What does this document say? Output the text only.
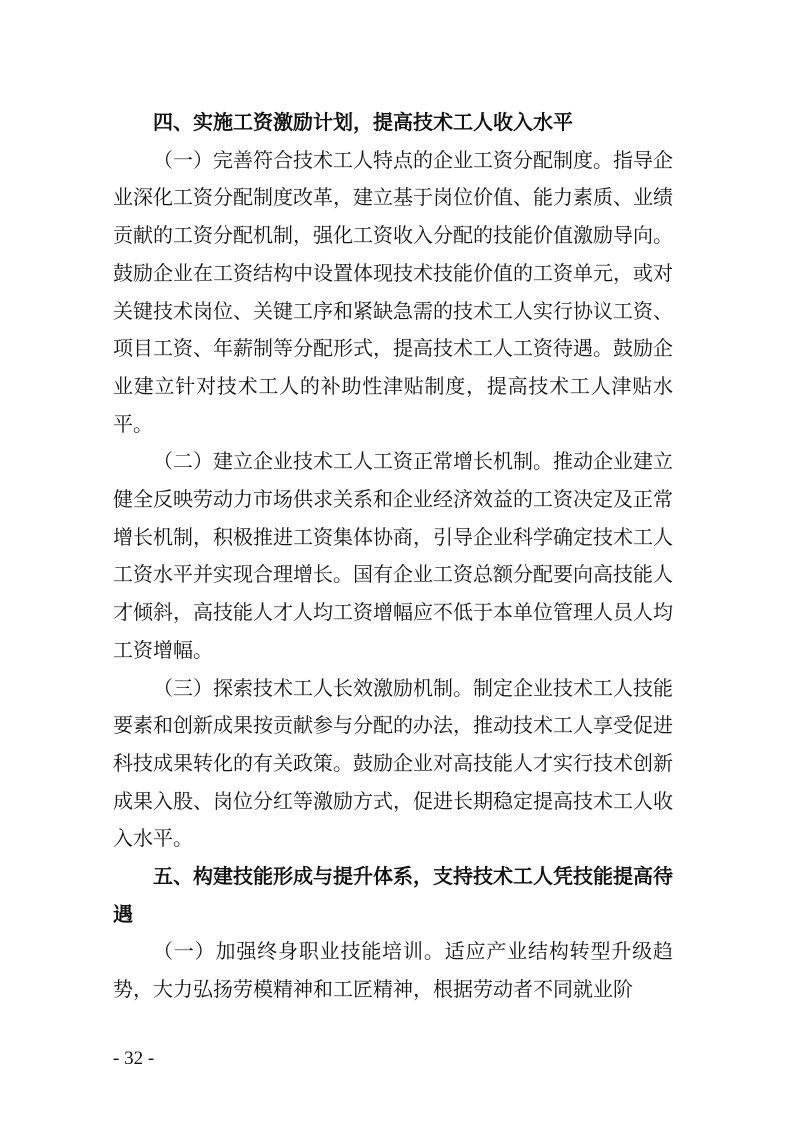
四、实施工资激励计划，提高技术工人收入水平

（一）完善符合技术工人特点的企业工资分配制度。指导企业深化工资分配制度改革，建立基于岗位价值、能力素质、业绩贡献的工资分配机制，强化工资收入分配的技能价值激励导向。鼓励企业在工资结构中设置体现技术技能价值的工资单元，或对关键技术岗位、关键工序和紧缺急需的技术工人实行协议工资、项目工资、年薪制等分配形式，提高技术工人工资待遇。鼓励企业建立针对技术工人的补助性津贴制度，提高技术工人津贴水平。

（二）建立企业技术工人工资正常增长机制。推动企业建立健全反映劳动力市场供求关系和企业经济效益的工资决定及正常增长机制，积极推进工资集体协商，引导企业科学确定技术工人工资水平并实现合理增长。国有企业工资总额分配要向高技能人才倾斜，高技能人才人均工资增幅应不低于本单位管理人员人均工资增幅。

（三）探索技术工人长效激励机制。制定企业技术工人技能要素和创新成果按贡献参与分配的办法，推动技术工人享受促进科技成果转化的有关政策。鼓励企业对高技能人才实行技术创新成果入股、岗位分红等激励方式，促进长期稳定提高技术工人收入水平。

五、构建技能形成与提升体系，支持技术工人凭技能提高待遇

（一）加强终身职业技能培训。适应产业结构转型升级趋势，大力弘扬劳模精神和工匠精神，根据劳动者不同就业阶

- 32 -
